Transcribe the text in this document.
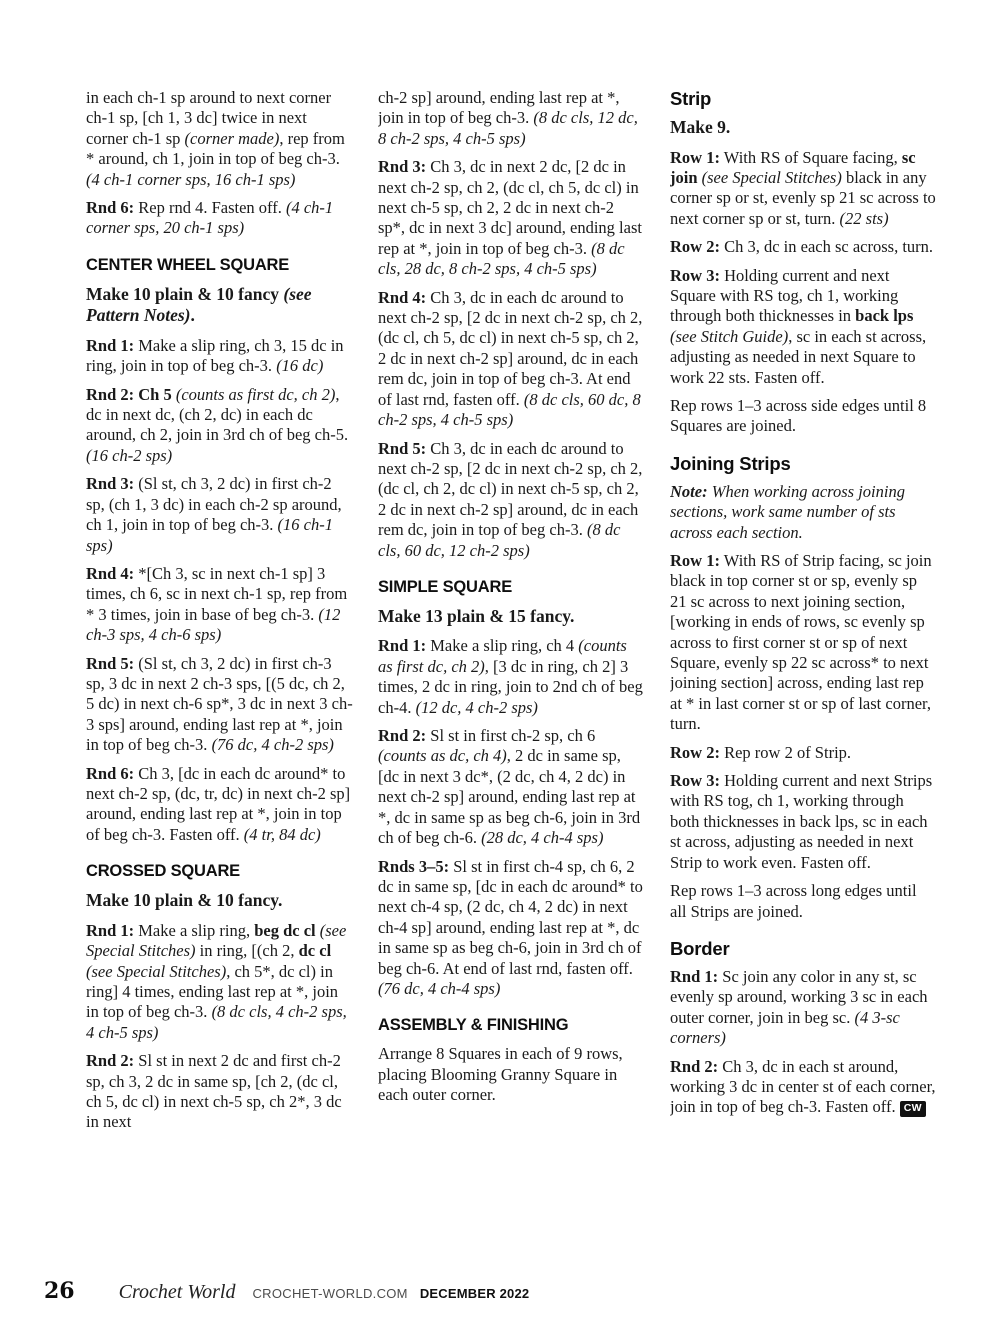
in each ch-1 sp around to next corner ch-1 sp, [ch 1, 3 dc] twice in next corner ch-1 sp (corner made), rep from * around, ch 1, join in top of beg ch-3. (4 ch-1 corner sps, 16 ch-1 sps)

Rnd 6: Rep rnd 4. Fasten off. (4 ch-1 corner sps, 20 ch-1 sps)

CENTER WHEEL SQUARE

Make 10 plain & 10 fancy (see Pattern Notes).

Rnd 1: Make a slip ring, ch 3, 15 dc in ring, join in top of beg ch-3. (16 dc)

Rnd 2: Ch 5 (counts as first dc, ch 2), dc in next dc, (ch 2, dc) in each dc around, ch 2, join in 3rd ch of beg ch-5. (16 ch-2 sps)

Rnd 3: (Sl st, ch 3, 2 dc) in first ch-2 sp, (ch 1, 3 dc) in each ch-2 sp around, ch 1, join in top of beg ch-3. (16 ch-1 sps)

Rnd 4: *[Ch 3, sc in next ch-1 sp] 3 times, ch 6, sc in next ch-1 sp, rep from * 3 times, join in base of beg ch-3. (12 ch-3 sps, 4 ch-6 sps)

Rnd 5: (Sl st, ch 3, 2 dc) in first ch-3 sp, 3 dc in next 2 ch-3 sps, [(5 dc, ch 2, 5 dc) in next ch-6 sp*, 3 dc in next 3 ch-3 sps] around, ending last rep at *, join in top of beg ch-3. (76 dc, 4 ch-2 sps)

Rnd 6: Ch 3, [dc in each dc around* to next ch-2 sp, (dc, tr, dc) in next ch-2 sp] around, ending last rep at *, join in top of beg ch-3. Fasten off. (4 tr, 84 dc)

CROSSED SQUARE

Make 10 plain & 10 fancy.

Rnd 1: Make a slip ring, beg dc cl (see Special Stitches) in ring, [(ch 2, dc cl (see Special Stitches), ch 5*, dc cl) in ring] 4 times, ending last rep at *, join in top of beg ch-3. (8 dc cls, 4 ch-2 sps, 4 ch-5 sps)

Rnd 2: Sl st in next 2 dc and first ch-2 sp, ch 3, 2 dc in same sp, [ch 2, (dc cl, ch 5, dc cl) in next ch-5 sp, ch 2*, 3 dc in next

ch-2 sp] around, ending last rep at *, join in top of beg ch-3. (8 dc cls, 12 dc, 8 ch-2 sps, 4 ch-5 sps)

Rnd 3: Ch 3, dc in next 2 dc, [2 dc in next ch-2 sp, ch 2, (dc cl, ch 5, dc cl) in next ch-5 sp, ch 2, 2 dc in next ch-2 sp*, dc in next 3 dc] around, ending last rep at *, join in top of beg ch-3. (8 dc cls, 28 dc, 8 ch-2 sps, 4 ch-5 sps)

Rnd 4: Ch 3, dc in each dc around to next ch-2 sp, [2 dc in next ch-2 sp, ch 2, (dc cl, ch 5, dc cl) in next ch-5 sp, ch 2, 2 dc in next ch-2 sp] around, dc in each rem dc, join in top of beg ch-3. At end of last rnd, fasten off. (8 dc cls, 60 dc, 8 ch-2 sps, 4 ch-5 sps)

Rnd 5: Ch 3, dc in each dc around to next ch-2 sp, [2 dc in next ch-2 sp, ch 2, (dc cl, ch 2, dc cl) in next ch-5 sp, ch 2, 2 dc in next ch-2 sp] around, dc in each rem dc, join in top of beg ch-3. (8 dc cls, 60 dc, 12 ch-2 sps)

SIMPLE SQUARE

Make 13 plain & 15 fancy.

Rnd 1: Make a slip ring, ch 4 (counts as first dc, ch 2), [3 dc in ring, ch 2] 3 times, 2 dc in ring, join to 2nd ch of beg ch-4. (12 dc, 4 ch-2 sps)

Rnd 2: Sl st in first ch-2 sp, ch 6 (counts as dc, ch 4), 2 dc in same sp, [dc in next 3 dc*, (2 dc, ch 4, 2 dc) in next ch-2 sp] around, ending last rep at *, dc in same sp as beg ch-6, join in 3rd ch of beg ch-6. (28 dc, 4 ch-4 sps)

Rnds 3–5: Sl st in first ch-4 sp, ch 6, 2 dc in same sp, [dc in each dc around* to next ch-4 sp, (2 dc, ch 4, 2 dc) in next ch-4 sp] around, ending last rep at *, dc in same sp as beg ch-6, join in 3rd ch of beg ch-6. At end of last rnd, fasten off. (76 dc, 4 ch-4 sps)

ASSEMBLY & FINISHING

Arrange 8 Squares in each of 9 rows, placing Blooming Granny Square in each outer corner.

Strip

Make 9.

Row 1: With RS of Square facing, sc join (see Special Stitches) black in any corner sp or st, evenly sp 21 sc across to next corner sp or st, turn. (22 sts)

Row 2: Ch 3, dc in each sc across, turn.

Row 3: Holding current and next Square with RS tog, ch 1, working through both thicknesses in back lps (see Stitch Guide), sc in each st across, adjusting as needed in next Square to work 22 sts. Fasten off.

Rep rows 1–3 across side edges until 8 Squares are joined.

Joining Strips

Note: When working across joining sections, work same number of sts across each section.

Row 1: With RS of Strip facing, sc join black in top corner st or sp, evenly sp 21 sc across to next joining section, [working in ends of rows, sc evenly sp across to first corner st or sp of next Square, evenly sp 22 sc across* to next joining section] across, ending last rep at * in last corner st or sp of last corner, turn.

Row 2: Rep row 2 of Strip.

Row 3: Holding current and next Strips with RS tog, ch 1, working through both thicknesses in back lps, sc in each st across, adjusting as needed in next Strip to work even. Fasten off.

Rep rows 1–3 across long edges until all Strips are joined.

Border

Rnd 1: Sc join any color in any st, sc evenly sp around, working 3 sc in each outer corner, join in beg sc. (4 3-sc corners)

Rnd 2: Ch 3, dc in each st around, working 3 dc in center st of each corner, join in top of beg ch-3. Fasten off. CW

26 Crochet World CROCHET-WORLD.COM DECEMBER 2022
